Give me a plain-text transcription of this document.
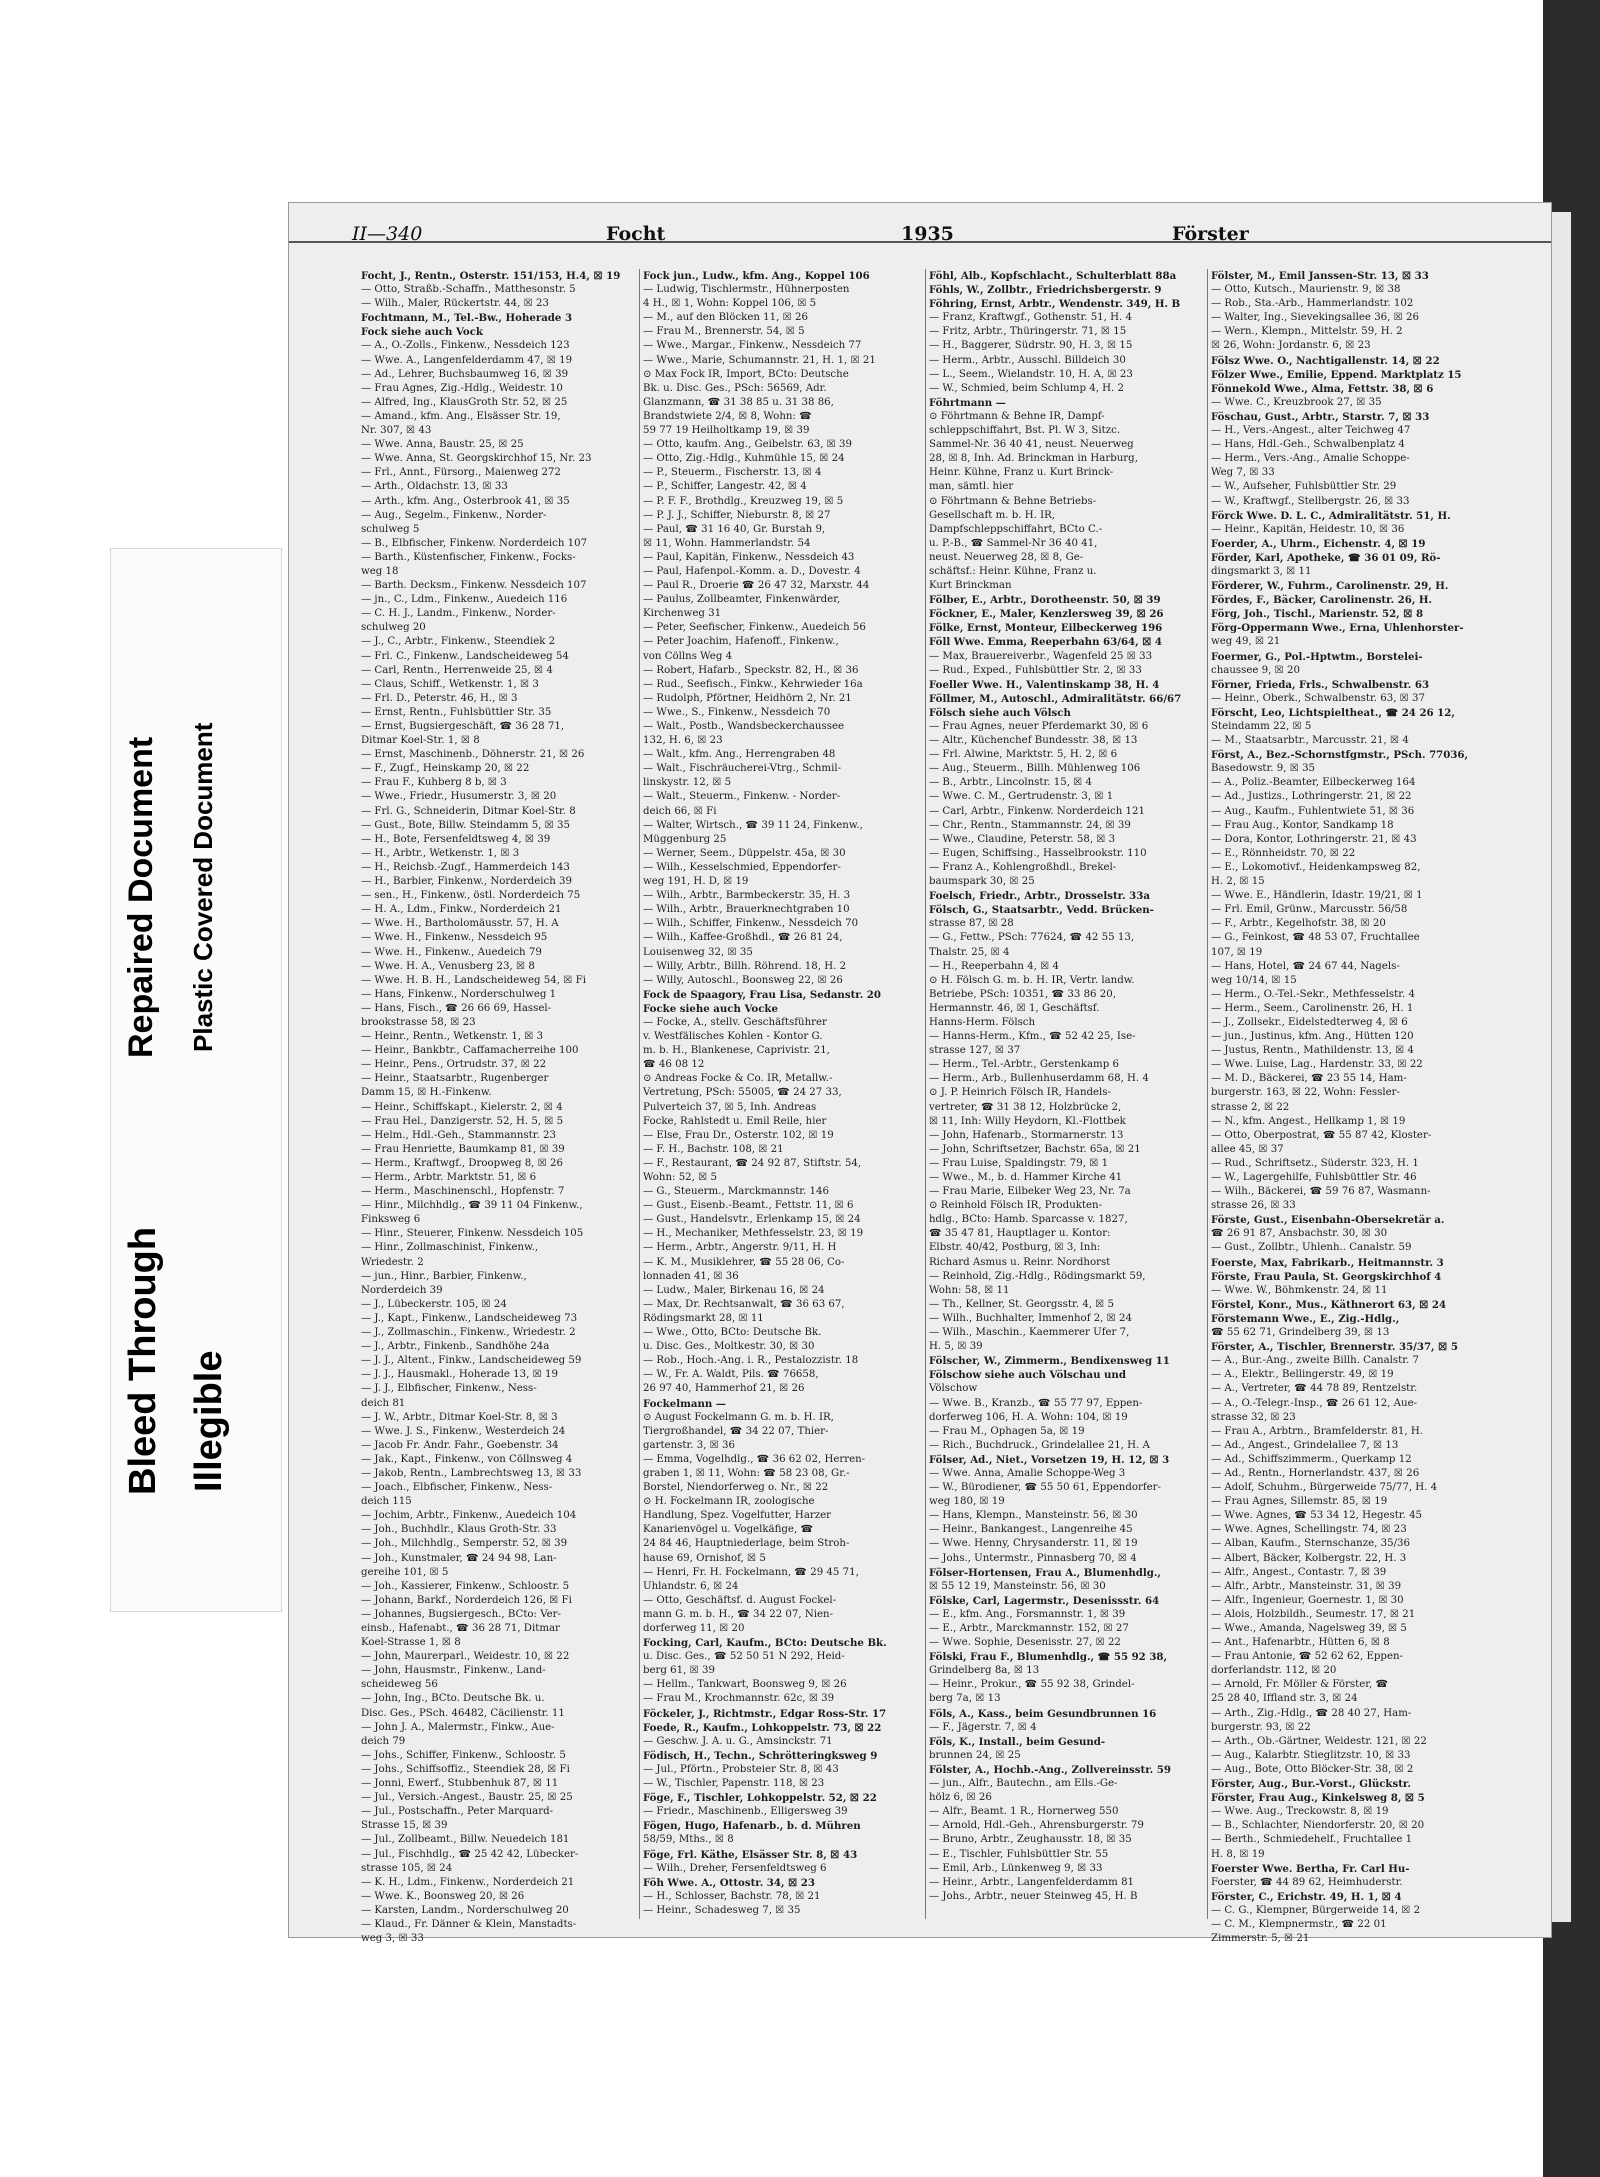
Bleed Through Illegible
Repaired Document Plastic Covered Document
II—340	Focht	1935	Förster
Focht, J., Rentn., Osterstr. 151/153, H.4, ☒ 19
— Otto, Straßb.-Schaffn., Matthesonstr. 5
— Wilh., Maler, Rückertstr. 44, ☒ 23
Fochtmann, M., Tel.-Bw., Hoherade 3
Fock siehe auch Vock
— A., O.-Zolls., Finkenw., Nessdeich 123
— Wwe. A., Langenfelderdamm 47, ☒ 19
— Ad., Lehrer, Buchsbaumweg 16, ☒ 39
— Frau Agnes, Zig.-Hdlg., Weidestr. 10
— Alfred, Ing., KlausGroth Str. 52, ☒ 25
— Amand., kfm. Ang., Elsässer Str. 19,
Nr. 307, ☒ 43
— Wwe. Anna, Baustr. 25, ☒ 25
— Wwe. Anna, St. Georgskirchhof 15, Nr. 23
— Frl., Annt., Fürsorg., Maienweg 272
— Arth., Oldachstr. 13, ☒ 33
— Arth., kfm. Ang., Osterbrook 41, ☒ 35
— Aug., Segelm., Finkenw., Norder-
schulweg 5
— B., Elbfischer, Finkenw. Norderdeich 107
— Barth., Küstenfischer, Finkenw., Focks-
weg 18
— Barth. Decksm., Finkenw. Nessdeich 107
— jn., C., Ldm., Finkenw., Auedeich 116
— C. H. J., Landm., Finkenw., Norder-
schulweg 20
— J., C., Arbtr., Finkenw., Steendiek 2
— Frl. C., Finkenw., Landscheideweg 54
— Carl, Rentn., Herrenweide 25, ☒ 4
— Claus, Schiff., Wetkenstr. 1, ☒ 3
— Frl. D., Peterstr. 46, H., ☒ 3
— Ernst, Rentn., Fuhlsbüttler Str. 35
— Ernst, Bugsiergeschäft, ☎ 36 28 71,
Ditmar Koel-Str. 1, ☒ 8
— Ernst, Maschinenb., Döhnerstr. 21, ☒ 26
— F., Zugf., Heinskamp 20, ☒ 22
— Frau F., Kuhberg 8 b, ☒ 3
— Wwe., Friedr., Husumerstr. 3, ☒ 20
— Frl. G., Schneiderin, Ditmar Koel-Str. 8
— Gust., Bote, Billw. Steindamm 5, ☒ 35
— H., Bote, Fersenfeldtsweg 4, ☒ 39
— H., Arbtr., Wetkenstr. 1, ☒ 3
— H., Reichsb.-Zugf., Hammerdeich 143
— H., Barbier, Finkenw., Norderdeich 39
— sen., H., Finkenw., östl. Norderdeich 75
— H. A., Ldm., Finkw., Norderdeich 21
— Wwe. H., Bartholomäusstr. 57, H. A
— Wwe. H., Finkenw., Nessdeich 95
— Wwe. H., Finkenw., Auedeich 79
— Wwe. H. A., Venusberg 23, ☒ 8
— Wwe. H. B. H., Landscheideweg 54, ☒ Fi
— Hans, Finkenw., Norderschulweg 1
— Hans, Fisch., ☎ 26 66 69, Hassel-
brookstrasse 58, ☒ 23
— Heinr., Rentn., Wetkenstr. 1, ☒ 3
— Heinr., Bankbtr., Caffamacherreihe 100
— Heinr., Pens., Ortrudstr. 37, ☒ 22
— Heinr., Staatsarbtr., Rugenberger
Damm 15, ☒ H.-Finkenw.
— Heinr., Schiffskapt., Kielerstr. 2, ☒ 4
— Frau Hel., Danzigerstr. 52, H. 5, ☒ 5
— Helm., Hdl.-Geh., Stammannstr. 23
— Frau Henriette, Baumkamp 81, ☒ 39
— Herm., Kraftwgf., Droopweg 8, ☒ 26
— Herm., Arbtr. Marktstr. 51, ☒ 6
— Herm., Maschinenschl., Hopfenstr. 7
— Hinr., Milchhdlg., ☎ 39 11 04 Finkenw.,
Finksweg 6
— Hinr., Steuerer, Finkenw. Nessdeich 105
— Hinr., Zollmaschinist, Finkenw.,
Wriedestr. 2
— jun., Hinr., Barbier, Finkenw.,
Norderdeich 39
— J., Lübeckerstr. 105, ☒ 24
— J., Kapt., Finkenw., Landscheideweg 73
— J., Zollmaschin., Finkenw., Wriedestr. 2
— J., Arbtr., Finkenb., Sandhöhe 24a
— J. J., Altent., Finkw., Landscheideweg 59
— J. J., Hausmakl., Hoherade 13, ☒ 19
— J. J., Elbfischer, Finkenw., Ness-
deich 81
— J. W., Arbtr., Ditmar Koel-Str. 8, ☒ 3
— Wwe. J. S., Finkenw., Westerdeich 24
— Jacob Fr. Andr. Fahr., Goebenstr. 34
— Jak., Kapt., Finkenw., von Cöllnsweg 4
— Jakob, Rentn., Lambrechtsweg 13, ☒ 33
— Joach., Elbfischer, Finkenw., Ness-
deich 115
— Jochim, Arbtr., Finkenw., Auedeich 104
— Joh., Buchhdlr., Klaus Groth-Str. 33
— Joh., Milchhdlg., Semperstr. 52, ☒ 39
— Joh., Kunstmaler, ☎ 24 94 98, Lan-
gereihe 101, ☒ 5
— Joh., Kassierer, Finkenw., Schloostr. 5
— Johann, Barkf., Norderdeich 126, ☒ Fi
— Johannes, Bugsiergesch., BCto: Ver-
einsb., Hafenabt., ☎ 36 28 71, Ditmar
Koel-Strasse 1, ☒ 8
— John, Maurerparl., Weidestr. 10, ☒ 22
— John, Hausmstr., Finkenw., Land-
scheideweg 56
— John, Ing., BCto. Deutsche Bk. u.
Disc. Ges., PSch. 46482, Cäcilienstr. 11
— John J. A., Malermstr., Finkw., Aue-
deich 79
— Johs., Schiffer, Finkenw., Schloostr. 5
— Johs., Schiffsoffiz., Steendiek 28, ☒ Fi
— Jonni, Ewerf., Stubbenhuk 87, ☒ 11
— Jul., Versich.-Angest., Baustr. 25, ☒ 25
— Jul., Postschaffn., Peter Marquard-
Strasse 15, ☒ 39
— Jul., Zollbeamt., Billw. Neuedeich 181
— Jul., Fischhdlg., ☎ 25 42 42, Lübecker-
strasse 105, ☒ 24
— K. H., Ldm., Finkenw., Norderdeich 21
— Wwe. K., Boonsweg 20, ☒ 26
— Karsten, Landm., Norderschulweg 20
— Klaud., Fr. Dänner & Klein, Manstadts-
weg 3, ☒ 33
Fock jun., Ludw., kfm. Ang., Koppel 106
— Ludwig, Tischlermstr., Hühnerposten
4 H., ☒ 1, Wohn: Koppel 106, ☒ 5
— M., auf den Blöcken 11, ☒ 26
— Frau M., Brennerstr. 54, ☒ 5
— Wwe., Margar., Finkenw., Nessdeich 77
— Wwe., Marie, Schumannstr. 21, H. 1, ☒ 21
⊙ Max Fock IR, Import, BCto: Deutsche
Bk. u. Disc. Ges., PSch: 56569, Adr.
Glanzmann, ☎ 31 38 85 u. 31 38 86,
Brandstwiete 2/4, ☒ 8, Wohn: ☎
59 77 19 Heilholtkamp 19, ☒ 39
— Otto, kaufm. Ang., Geibelstr. 63, ☒ 39
— Otto, Zig.-Hdlg., Kuhmühle 15, ☒ 24
— P., Steuerm., Fischerstr. 13, ☒ 4
— P., Schiffer, Langestr. 42, ☒ 4
— P. F. F., Brothdlg., Kreuzweg 19, ☒ 5
— P. J. J., Schiffer, Nieburstr. 8, ☒ 27
— Paul, ☎ 31 16 40, Gr. Burstah 9,
☒ 11, Wohn. Hammerlandstr. 54
— Paul, Kapitän, Finkenw., Nessdeich 43
— Paul, Hafenpol.-Komm. a. D., Dovestr. 4
— Paul R., Droerie ☎ 26 47 32, Marxstr. 44
— Paulus, Zollbeamter, Finkenwärder,
Kirchenweg 31
— Peter, Seefischer, Finkenw., Auedeich 56
— Peter Joachim, Hafenoff., Finkenw.,
von Cöllns Weg 4
— Robert, Hafarb., Speckstr. 82, H., ☒ 36
— Rud., Seefisch., Finkw., Kehrwieder 16a
— Rudolph, Pförtner, Heidhörn 2, Nr. 21
— Wwe., S., Finkenw., Nessdeich 70
— Walt., Postb., Wandsbeckerchaussee
132, H. 6, ☒ 23
— Walt., kfm. Ang., Herrengraben 48
— Walt., Fischräucherei-Vtrg., Schmil-
linskystr. 12, ☒ 5
— Walt., Steuerm., Finkenw. - Norder-
deich 66, ☒ Fi
— Walter, Wirtsch., ☎ 39 11 24, Finkenw.,
Müggenburg 25
— Werner, Seem., Düppelstr. 45a, ☒ 30
— Wilh., Kesselschmied, Eppendorfer-
weg 191, H. D, ☒ 19
— Wilh., Arbtr., Barmbeckerstr. 35, H. 3
— Wilh., Arbtr., Brauerknechtgraben 10
— Wilh., Schiffer, Finkenw., Nessdeich 70
— Wilh., Kaffee-Großhdl., ☎ 26 81 24,
Louisenweg 32, ☒ 35
— Willy, Arbtr., Billh. Röhrend. 18, H. 2
— Willy, Autoschl., Boonsweg 22, ☒ 26
Fock de Spaagory, Frau Lisa, Sedanstr. 20
Focke siehe auch Vocke
— Focke, A., stellv. Geschäftsführer
v. Westfälisches Kohlen - Kontor G.
m. b. H., Blankenese, Caprivistr. 21,
☎ 46 08 12
⊙ Andreas Focke & Co. IR, Metallw.-
Vertretung, PSch: 55005, ☎ 24 27 33,
Pulverteich 37, ☒ 5, Inh. Andreas
Focke, Rahlstedt u. Emil Reile, hier
— Else, Frau Dr., Osterstr. 102, ☒ 19
— F. H., Bachstr. 108, ☒ 21
— F., Restaurant, ☎ 24 92 87, Stiftstr. 54,
Wohn: 52, ☒ 5
— G., Steuerm., Marckmannstr. 146
— Gust., Eisenb.-Beamt., Fettstr. 11, ☒ 6
— Gust., Handelsvtr., Erlenkamp 15, ☒ 24
— H., Mechaniker, Methfesselstr. 23, ☒ 19
— Herm., Arbtr., Angerstr. 9/11, H. H
— K. M., Musiklehrer, ☎ 55 28 06, Co-
lonnaden 41, ☒ 36
— Ludw., Maler, Birkenau 16, ☒ 24
— Max, Dr. Rechtsanwalt, ☎ 36 63 67,
Rödingsmarkt 28, ☒ 11
— Wwe., Otto, BCto: Deutsche Bk.
u. Disc. Ges., Moltkestr. 30, ☒ 30
— Rob., Hoch.-Ang. i. R., Pestalozzistr. 18
— W., Fr. A. Waldt, Pils. ☎ 76658,
26 97 40, Hammerhof 21, ☒ 26
Fockelmann —
⊙ August Fockelmann G. m. b. H. IR,
Tiergroßhandel, ☎ 34 22 07, Thier-
gartenstr. 3, ☒ 36
— Emma, Vogelhdlg., ☎ 36 62 02, Herren-
graben 1, ☒ 11, Wohn: ☎ 58 23 08, Gr.-
Borstel, Niendorferweg o. Nr., ☒ 22
⊙ H. Fockelmann IR, zoologische
Handlung, Spez. Vogelfutter, Harzer
Kanarienvögel u. Vogelkäfige, ☎
24 84 46, Hauptniederlage, beim Stroh-
hause 69, Ornishof, ☒ 5
— Henri, Fr. H. Fockelmann, ☎ 29 45 71,
Uhlandstr. 6, ☒ 24
— Otto, Geschäftsf. d. August Fockel-
mann G. m. b. H., ☎ 34 22 07, Nien-
dorferweg 11, ☒ 20
Focking, Carl, Kaufm., BCto: Deutsche Bk.
u. Disc. Ges., ☎ 52 50 51 N 292, Heid-
berg 61, ☒ 39
— Hellm., Tankwart, Boonsweg 9, ☒ 26
— Frau M., Krochmannstr. 62c, ☒ 39
Föckeler, J., Richtmstr., Edgar Ross-Str. 17
Foede, R., Kaufm., Lohkoppelstr. 73, ☒ 22
— Geschw. J. A. u. G., Amsinckstr. 71
Födisch, H., Techn., Schrötteringksweg 9
— Jul., Pförtn., Probsteier Str. 8, ☒ 43
— W., Tischler, Papenstr. 118, ☒ 23
Föge, F., Tischler, Lohkoppelstr. 52, ☒ 22
— Friedr., Maschinenb., Elligersweg 39
Fögen, Hugo, Hafenarb., b. d. Mühren
58/59, Mths., ☒ 8
Föge, Frl. Käthe, Elsässer Str. 8, ☒ 43
— Wilh., Dreher, Fersenfeldtsweg 6
Föh Wwe. A., Ottostr. 34, ☒ 23
— H., Schlosser, Bachstr. 78, ☒ 21
— Heinr., Schadesweg 7, ☒ 35
Föhl, Alb., Kopfschlacht., Schulterblatt 88a
Föhls, W., Zollbtr., Friedrichsbergerstr. 9
Föhring, Ernst, Arbtr., Wendenstr. 349, H. B
— Franz, Kraftwgf., Gothenstr. 51, H. 4
— Fritz, Arbtr., Thüringerstr. 71, ☒ 15
— H., Baggerer, Südrstr. 90, H. 3, ☒ 15
— Herm., Arbtr., Ausschl. Billdeich 30
— L., Seem., Wielandstr. 10, H. A, ☒ 23
— W., Schmied, beim Schlump 4, H. 2
Föhrtmann —
⊙ Föhrtmann & Behne IR, Dampf-
schleppschiffahrt, Bst. Pl. W 3, Sitzc.
Sammel-Nr. 36 40 41, neust. Neuerweg
28, ☒ 8, Inh. Ad. Brinckman in Harburg,
Heinr. Kühne, Franz u. Kurt Brinck-
man, sämtl. hier
⊙ Föhrtmann & Behne Betriebs-
Gesellschaft m. b. H. IR,
Dampfschleppschiffahrt, BCto C.-
u. P.-B., ☎ Sammel-Nr 36 40 41,
neust. Neuerweg 28, ☒ 8, Ge-
schäftsf.: Heinr. Kühne, Franz u.
Kurt Brinckman
Fölber, E., Arbtr., Dorotheenstr. 50, ☒ 39
Föckner, E., Maler, Kenzlersweg 39, ☒ 26
Fölke, Ernst, Monteur, Eilbeckerweg 196
Föll Wwe. Emma, Reeperbahn 63/64, ☒ 4
— Max, Brauereiverbr., Wagenfeld 25 ☒ 33
— Rud., Exped., Fuhlsbüttler Str. 2, ☒ 33
Foeller Wwe. H., Valentinskamp 38, H. 4
Föllmer, M., Autoschl., Admiralitätstr. 66/67
Fölsch siehe auch Völsch
— Frau Agnes, neuer Pferdemarkt 30, ☒ 6
— Altr., Küchenchef Bundesstr. 38, ☒ 13
— Frl. Alwine, Marktstr. 5, H. 2, ☒ 6
— Aug., Steuerm., Billh. Mühlenweg 106
— B., Arbtr., Lincolnstr. 15, ☒ 4
— Wwe. C. M., Gertrudenstr. 3, ☒ 1
— Carl, Arbtr., Finkenw. Norderdeich 121
— Chr., Rentn., Stammannstr. 24, ☒ 39
— Wwe., Claudine, Peterstr. 58, ☒ 3
— Eugen, Schiffsing., Hasselbrookstr. 110
— Franz A., Kohlengroßhdl., Brekel-
baumspark 30, ☒ 25
Foelsch, Friedr., Arbtr., Drosselstr. 33a
Fölsch, G., Staatsarbtr., Vedd. Brücken-
strasse 87, ☒ 28
— G., Fettw., PSch: 77624, ☎ 42 55 13,
Thalstr. 25, ☒ 4
— H., Reeperbahn 4, ☒ 4
⊙ H. Fölsch G. m. b. H. IR, Vertr. landw.
Betriebe, PSch: 10351, ☎ 33 86 20,
Hermannstr. 46, ☒ 1, Geschäftsf.
Hanns-Herm. Fölsch
— Hanns-Herm., Kfm., ☎ 52 42 25, Ise-
strasse 127, ☒ 37
— Herm., Tel.-Arbtr., Gerstenkamp 6
— Herm., Arb., Bullenhuserdamm 68, H. 4
⊙ J. P. Heinrich Fölsch IR, Handels-
vertreter, ☎ 31 38 12, Holzbrücke 2,
☒ 11, Inh: Willy Heydorn, Kl.-Flottbek
— John, Hafenarb., Stormarnerstr. 13
— John, Schriftsetzer, Bachstr. 65a, ☒ 21
— Frau Luise, Spaldingstr. 79, ☒ 1
— Wwe., M., b. d. Hammer Kirche 41
— Frau Marie, Eilbeker Weg 23, Nr. 7a
⊙ Reinhold Fölsch IR, Produkten-
hdlg., BCto: Hamb. Sparcasse v. 1827,
☎ 35 47 81, Hauptlager u. Kontor:
Elbstr. 40/42, Postburg, ☒ 3, Inh:
Richard Asmus u. Reinr. Nordhorst
— Reinhold, Zig.-Hdlg., Rödingsmarkt 59,
Wohn: 58, ☒ 11
— Th., Kellner, St. Georgsstr. 4, ☒ 5
— Wilh., Buchhalter, Immenhof 2, ☒ 24
— Wilh., Maschin., Kaemmerer Ufer 7,
H. 5, ☒ 39
Fölscher, W., Zimmerm., Bendixensweg 11
Fölschow siehe auch Völschau und
Völschow
— Wwe. B., Kranzb., ☎ 55 77 97, Eppen-
dorferweg 106, H. A. Wohn: 104, ☒ 19
— Frau M., Ophagen 5a, ☒ 19
— Rich., Buchdruck., Grindelallee 21, H. A
Fölser, Ad., Niet., Vorsetzen 19, H. 12, ☒ 3
— Wwe. Anna, Amalie Schoppe-Weg 3
— W., Bürodiener, ☎ 55 50 61, Eppendorfer-
weg 180, ☒ 19
— Hans, Klempn., Mansteinstr. 56, ☒ 30
— Heinr., Bankangest., Langenreihe 45
— Wwe. Henny, Chrysanderstr. 11, ☒ 19
— Johs., Untermstr., Pinnasberg 70, ☒ 4
Fölser-Hortensen, Frau A., Blumenhdlg.,
☒ 55 12 19, Mansteinstr. 56, ☒ 30
Fölske, Carl, Lagermstr., Desenissstr. 64
— E., kfm. Ang., Forsmannstr. 1, ☒ 39
— E., Arbtr., Marckmannstr. 152, ☒ 27
— Wwe. Sophie, Desenisstr. 27, ☒ 22
Fölski, Frau F., Blumenhdlg., ☎ 55 92 38,
Grindelberg 8a, ☒ 13
— Heinr., Prokur., ☎ 55 92 38, Grindel-
berg 7a, ☒ 13
Föls, A., Kass., beim Gesundbrunnen 16
— F., Jägerstr. 7, ☒ 4
Föls, K., Install., beim Gesund-
brunnen 24, ☒ 25
Fölster, A., Hochb.-Ang., Zollvereinsstr. 59
— jun., Alfr., Bautechn., am Ells.-Ge-
hölz 6, ☒ 26
— Alfr., Beamt. 1 R., Hornerweg 550
— Arnold, Hdl.-Geh., Ahrensburgerstr. 79
— Bruno, Arbtr., Zeughausstr. 18, ☒ 35
— E., Tischler, Fuhlsbüttler Str. 55
— Emil, Arb., Lünkenweg 9, ☒ 33
— Heinr., Arbtr., Langenfelderdamm 81
— Johs., Arbtr., neuer Steinweg 45, H. B
Fölster, M., Emil Janssen-Str. 13, ☒ 33
— Otto, Kutsch., Maurienstr. 9, ☒ 38
— Rob., Sta.-Arb., Hammerlandstr. 102
— Walter, Ing., Sievekingsallee 36, ☒ 26
— Wern., Klempn., Mittelstr. 59, H. 2
☒ 26, Wohn: Jordanstr. 6, ☒ 23
Fölsz Wwe. O., Nachtigallenstr. 14, ☒ 22
Fölzer Wwe., Emilie, Eppend. Marktplatz 15
Fönnekold Wwe., Alma, Fettstr. 38, ☒ 6
— Wwe. C., Kreuzbrook 27, ☒ 35
Föschau, Gust., Arbtr., Starstr. 7, ☒ 33
— H., Vers.-Angest., alter Teichweg 47
— Hans, Hdl.-Geh., Schwalbenplatz 4
— Herm., Vers.-Ang., Amalie Schoppe-
Weg 7, ☒ 33
— W., Aufseher, Fuhlsbüttler Str. 29
— W., Kraftwgf., Stellbergstr. 26, ☒ 33
Förck Wwe. D. L. C., Admiralitätstr. 51, H.
— Heinr., Kapitän, Heidestr. 10, ☒ 36
Foerder, A., Uhrm., Eichenstr. 4, ☒ 19
Förder, Karl, Apotheke, ☎ 36 01 09, Rö-
dingsmarkt 3, ☒ 11
Förderer, W., Fuhrm., Carolinenstr. 29, H.
Fördes, F., Bäcker, Carolinenstr. 26, H.
Förg, Joh., Tischl., Marienstr. 52, ☒ 8
Förg-Oppermann Wwe., Erna, Uhlenhorster-
weg 49, ☒ 21
Foermer, G., Pol.-Hptwtm., Borstelei-
chaussee 9, ☒ 20
Förner, Frieda, Frls., Schwalbenstr. 63
— Heinr., Oberk., Schwalbenstr. 63, ☒ 37
Förscht, Leo, Lichtspieltheat., ☎ 24 26 12,
Steindamm 22, ☒ 5
— M., Staatsarbtr., Marcusstr. 21, ☒ 4
Först, A., Bez.-Schornstfgmstr., PSch. 77036,
Basedowstr. 9, ☒ 35
— A., Poliz.-Beamter, Eilbeckerweg 164
— Ad., Justizs., Lothringerstr. 21, ☒ 22
— Aug., Kaufm., Fuhlentwiete 51, ☒ 36
— Frau Aug., Kontor, Sandkamp 18
— Dora, Kontor, Lothringerstr. 21, ☒ 43
— E., Rönnheidstr. 70, ☒ 22
— E., Lokomotivf., Heidenkampsweg 82,
H. 2, ☒ 15
— Wwe. E., Händlerin, Idastr. 19/21, ☒ 1
— Frl. Emil, Grünw., Marcusstr. 56/58
— F., Arbtr., Kegelhofstr. 38, ☒ 20
— G., Feinkost, ☎ 48 53 07, Fruchtallee
107, ☒ 19
— Hans, Hotel, ☎ 24 67 44, Nagels-
weg 10/14, ☒ 15
— Herm., O.-Tel.-Sekr., Methfesselstr. 4
— Herm., Seem., Carolinenstr. 26, H. 1
— J., Zollsekr., Eidelstedterweg 4, ☒ 6
— jun., Justinus, kfm. Ang., Hütten 120
— Justus, Rentn., Mathildenstr. 13, ☒ 4
— Wwe. Luise, Lag., Hardenstr. 33, ☒ 22
— M. D., Bäckerei, ☎ 23 55 14, Ham-
burgerstr. 163, ☒ 22, Wohn: Fessler-
strasse 2, ☒ 22
— N., kfm. Angest., Hellkamp 1, ☒ 19
— Otto, Oberpostrat, ☎ 55 87 42, Kloster-
allee 45, ☒ 37
— Rud., Schriftsetz., Süderstr. 323, H. 1
— W., Lagergehilfe, Fuhlsbüttler Str. 46
— Wilh., Bäckerei, ☎ 59 76 87, Wasmann-
strasse 26, ☒ 33
Förste, Gust., Eisenbahn-Obersekretär a.
☎ 26 91 87, Ansbachstr. 30, ☒ 30
— Gust., Zollbtr., Uhlenh.. Canalstr. 59
Foerste, Max, Fabrikarb., Heitmannstr. 3
Förste, Frau Paula, St. Georgskirchhof 4
— Wwe. W., Böhmkenstr. 24, ☒ 11
Förstel, Konr., Mus., Käthnerort 63, ☒ 24
Förstemann Wwe., E., Zig.-Hdlg.,
☎ 55 62 71, Grindelberg 39, ☒ 13
Förster, A., Tischler, Brennerstr. 35/37, ☒ 5
— A., Bur.-Ang., zweite Billh. Canalstr. 7
— A., Elektr., Bellingerstr. 49, ☒ 19
— A., Vertreter, ☎ 44 78 89, Rentzelstr.
— A., O.-Telegr.-Insp., ☎ 26 61 12, Aue-
strasse 32, ☒ 23
— Frau A., Arbtrn., Bramfelderstr. 81, H.
— Ad., Angest., Grindelallee 7, ☒ 13
— Ad., Schiffszimmerm., Querkamp 12
— Ad., Rentn., Hornerlandstr. 437, ☒ 26
— Adolf, Schuhm., Bürgerweide 75/77, H. 4
— Frau Agnes, Sillemstr. 85, ☒ 19
— Wwe. Agnes, ☎ 53 34 12, Hegestr. 45
— Wwe. Agnes, Schellingstr. 74, ☒ 23
— Alban, Kaufm., Sternschanze, 35/36
— Albert, Bäcker, Kolbergstr. 22, H. 3
— Alfr., Angest., Contastr. 7, ☒ 39
— Alfr., Arbtr., Mansteinstr. 31, ☒ 39
— Alfr., Ingenieur, Goernestr. 1, ☒ 30
— Alois, Holzbildh., Seumestr. 17, ☒ 21
— Wwe., Amanda, Nagelsweg 39, ☒ 5
— Ant., Hafenarbtr., Hütten 6, ☒ 8
— Frau Antonie, ☎ 52 62 62, Eppen-
dorferlandstr. 112, ☒ 20
— Arnold, Fr. Möller & Förster, ☎
25 28 40, Iffland str. 3, ☒ 24
— Arth., Zig.-Hdlg., ☎ 28 40 27, Ham-
burgerstr. 93, ☒ 22
— Arth., Ob.-Gärtner, Weidestr. 121, ☒ 22
— Aug., Kalarbtr. Stieglitzstr. 10, ☒ 33
— Aug., Bote, Otto Blöcker-Str. 38, ☒ 2
Förster, Aug., Bur.-Vorst., Glückstr.
Förster, Frau Aug., Kinkelsweg 8, ☒ 5
— Wwe. Aug., Treckowstr. 8, ☒ 19
— B., Schlachter, Niendorferstr. 20, ☒ 20
— Berth., Schmiedehelf., Fruchtallee 1
H. 8, ☒ 19
Foerster Wwe. Bertha, Fr. Carl Hu-
Foerster, ☎ 44 89 62, Heimhuderstr.
Förster, C., Erichstr. 49, H. 1, ☒ 4
— C. G., Klempner, Bürgerweide 14, ☒ 2
— C. M., Klempnermstr., ☎ 22 01
Zimmerstr. 5, ☒ 21
